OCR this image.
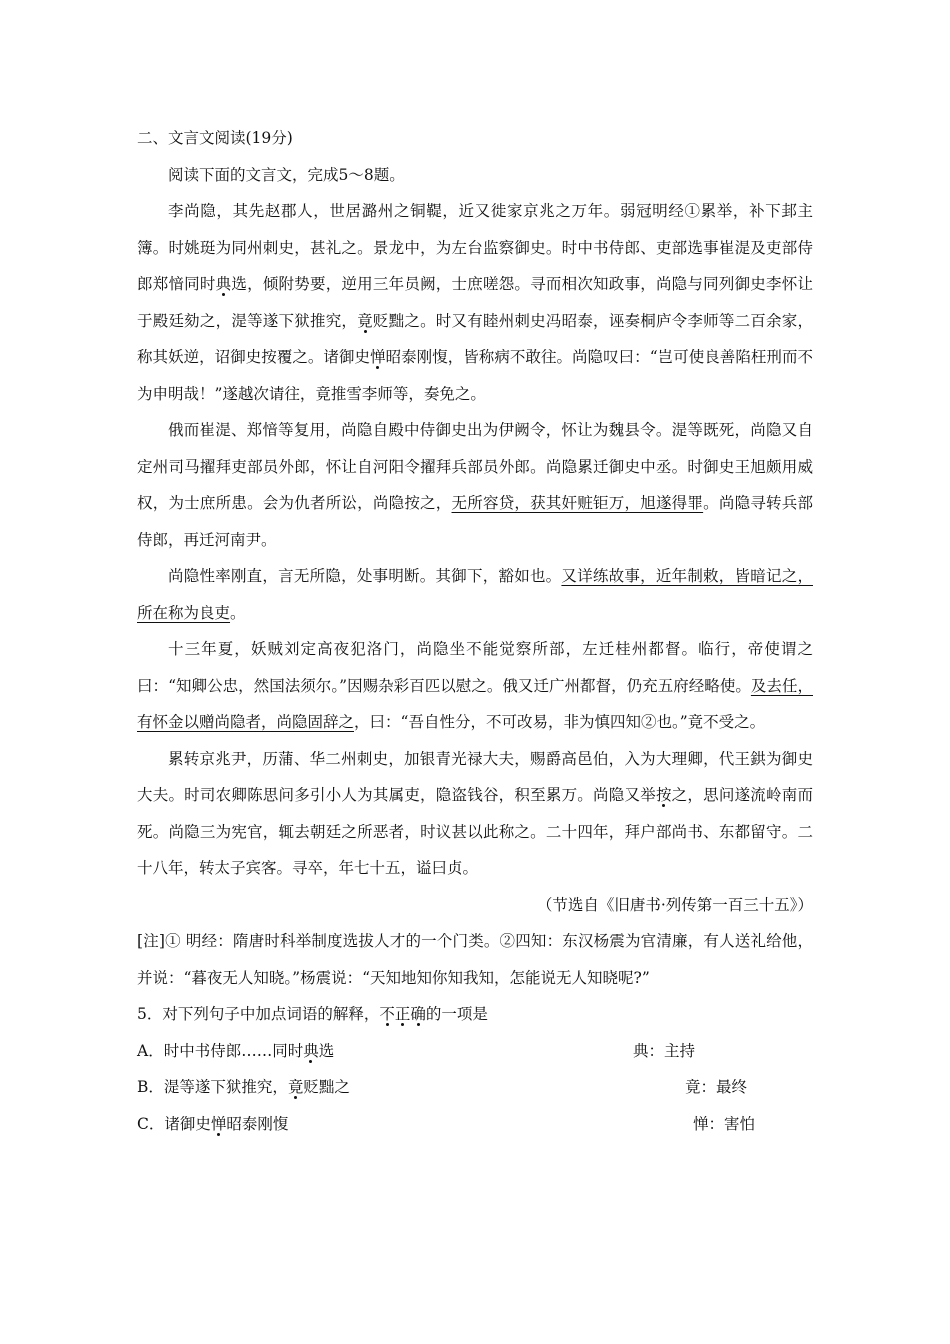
二、文言文阅读(19分)

阅读下面的文言文，完成5～8题。

李尚隐，其先赵郡人，世居潞州之铜鞮，近又徙家京兆之万年。弱冠明经①累举，补下邽主簿。时姚珽为同州刺史，甚礼之。景龙中，为左台监察御史。时中书侍郎、吏部选事崔湜及吏部侍郎郑愔同时典选，倾附势要，逆用三年员阙，士庶嗟怨。寻而相次知政事，尚隐与同列御史李怀让于殿廷劾之，湜等遂下狱推究，竟贬黜之。时又有睦州刺史冯昭泰，诬奏桐庐令李师等二百余家，称其妖逆，诏御史按覆之。诸御史惮昭泰刚愎，皆称病不敢往。尚隐叹曰：“岂可使良善陷枉刑而不为申明哉！”遂越次请往，竟推雪李师等，奏免之。

俄而崔湜、郑愔等复用，尚隐自殿中侍御史出为伊阙令，怀让为魏县令。湜等既死，尚隐又自定州司马擢拜吏部员外郎，怀让自河阳令擢拜兵部员外郎。尚隐累迁御史中丞。时御史王旭颇用威权，为士庶所患。会为仇者所讼，尚隐按之，无所容贷，获其奸赃钜万，旭遂得罪。尚隐寻转兵部侍郎，再迁河南尹。

尚隐性率刚直，言无所隐，处事明断。其御下，豁如也。又详练故事，近年制敕，皆暗记之，所在称为良吏。

十三年夏，妖贼刘定高夜犯洛门，尚隐坐不能觉察所部，左迁桂州都督。临行，帝使谓之曰：“知卿公忠，然国法须尔。”因赐杂彩百匹以慰之。俄又迁广州都督，仍充五府经略使。及去任，有怀金以赠尚隐者，尚隐固辞之，曰：“吾自性分，不可改易，非为慎四知②也。”竟不受之。

累转京兆尹，历蒲、华二州刺史，加银青光禄大夫，赐爵高邑伯，入为大理卿，代王鉷为御史大夫。时司农卿陈思问多引小人为其属吏，隐盗钱谷，积至累万。尚隐又举按之，思问遂流岭南而死。尚隐三为宪官，辄去朝廷之所恶者，时议甚以此称之。二十四年，拜户部尚书、东都留守。二十八年，转太子宾客。寻卒，年七十五，谥曰贞。

（节选自《旧唐书·列传第一百三十五》）

[注]① 明经：隋唐时科举制度选拔人才的一个门类。②四知：东汉杨震为官清廉，有人送礼给他，并说：“暮夜无人知晓。”杨震说：“天知地知你知我知，怎能说无人知晓呢?”

5．对下列句子中加点词语的解释，不正确的一项是

A．时中书侍郎……同时典选	典：主持
B．湜等遂下狱推究，竟贬黜之	竟：最终
C．诸御史惮昭泰刚愎	惮：害怕
